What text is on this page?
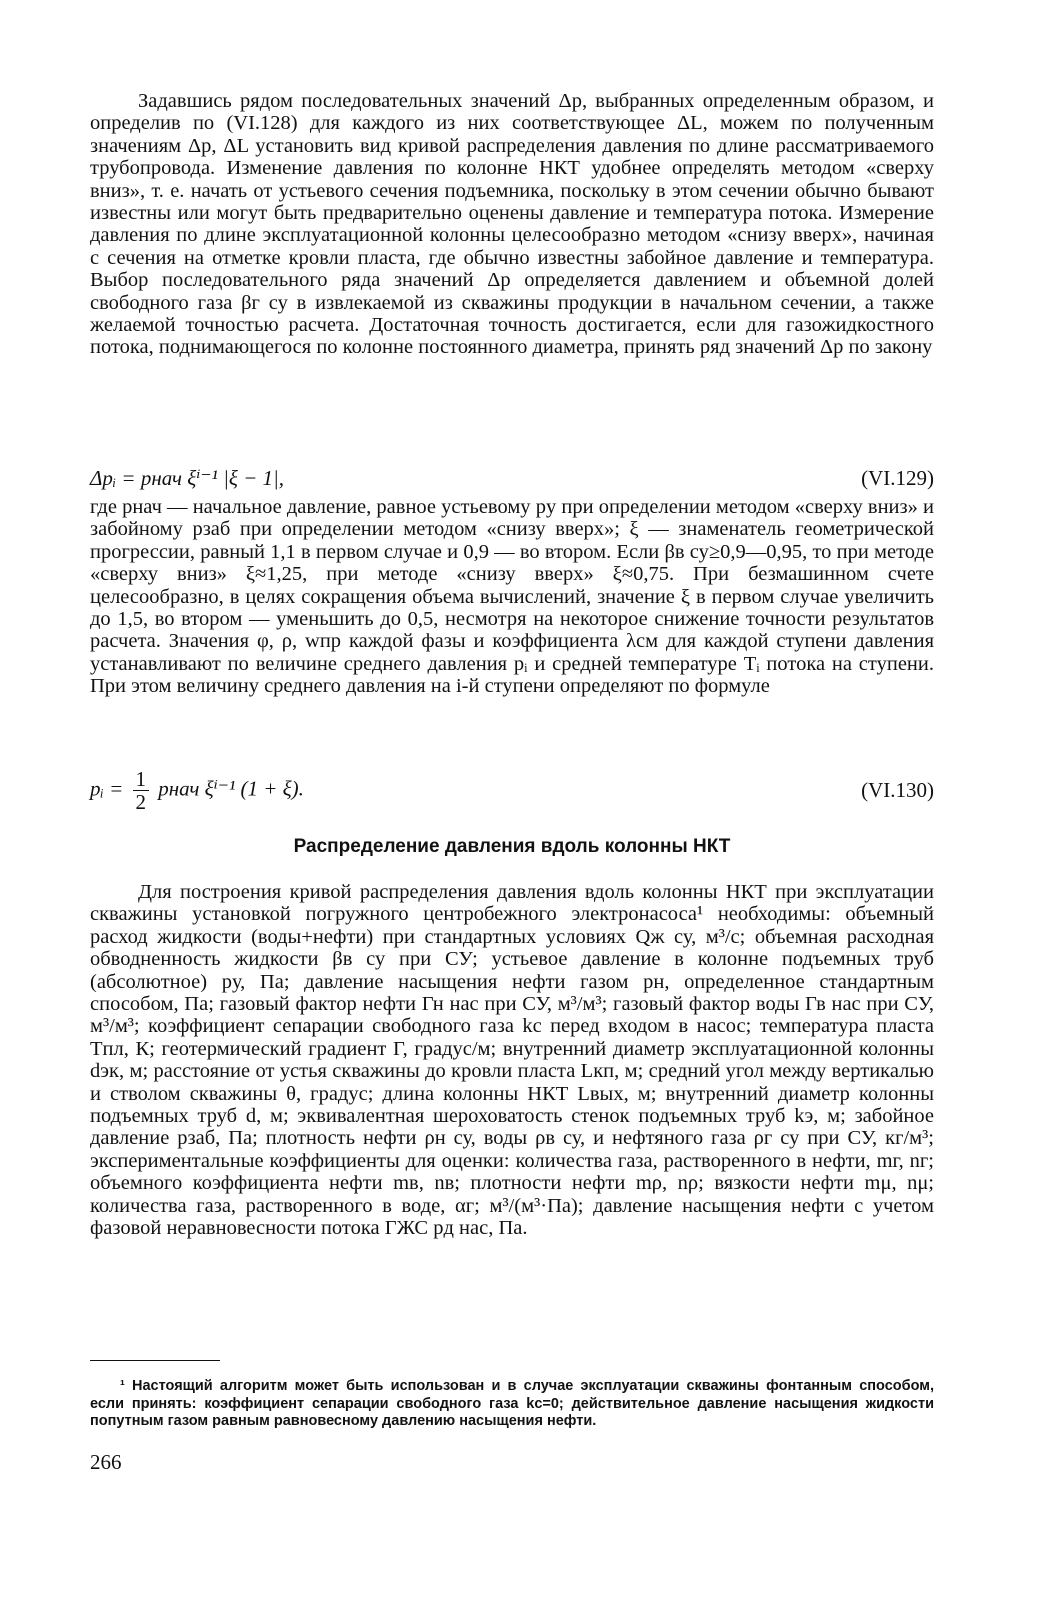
Задавшись рядом последовательных значений Δp, выбранных определенным образом, и определив по (VI.128) для каждого из них соответствующее ΔL, можем по полученным значениям Δp, ΔL установить вид кривой распределения давления по длине рассматриваемого трубопровода. Изменение давления по колонне НКТ удобнее определять методом «сверху вниз», т. е. начать от устьевого сечения подъемника, поскольку в этом сечении обычно бывают известны или могут быть предварительно оценены давление и температура потока. Измерение давления по длине эксплуатационной колонны целесообразно методом «снизу вверх», начиная с сечения на отметке кровли пласта, где обычно известны забойное давление и температура. Выбор последовательного ряда значений Δp определяется давлением и объемной долей свободного газа βг су в извлекаемой из скважины продукции в начальном сечении, а также желаемой точностью расчета. Достаточная точность достигается, если для газожидкостного потока, поднимающегося по колонне постоянного диаметра, принять ряд значений Δp по закону

Δpᵢ = pнач ξⁱ⁻¹ |ξ − 1|,	(VI.129)

где pнач — начальное давление, равное устьевому pу при определении методом «сверху вниз» и забойному pзаб при определении методом «снизу вверх»; ξ — знаменатель геометрической прогрессии, равный 1,1 в первом случае и 0,9 — во втором. Если βв су≥0,9—0,95, то при методе «сверху вниз» ξ≈1,25, при методе «снизу вверх» ξ≈0,75. При безмашинном счете целесообразно, в целях сокращения объема вычислений, значение ξ в первом случае увеличить до 1,5, во втором — уменьшить до 0,5, несмотря на некоторое снижение точности результатов расчета. Значения φ, ρ, wпр каждой фазы и коэффициента λсм для каждой ступени давления устанавливают по величине среднего давления pᵢ и средней температуре Tᵢ потока на ступени. При этом величину среднего давления на i-й ступени определяют по формуле

pᵢ = $\frac{1}{2}$ pнач ξⁱ⁻¹ (1 + ξ).	(VI.130)
Распределение давления вдоль колонны НКТ

Для построения кривой распределения давления вдоль колонны НКТ при эксплуатации скважины установкой погружного центробежного электронасоса¹ необходимы: объемный расход жидкости (воды+нефти) при стандартных условиях Qж су, м³/с; объемная расходная обводненность жидкости βв су при СУ; устьевое давление в колонне подъемных труб (абсолютное) pу, Па; давление насыщения нефти газом pн, определенное стандартным способом, Па; газовый фактор нефти Гн нас при СУ, м³/м³; газовый фактор воды Гв нас при СУ, м³/м³; коэффициент сепарации свободного газа kс перед входом в насос; температура пласта Tпл, К; геотермический градиент Г, градус/м; внутренний диаметр эксплуатационной колонны dэк, м; расстояние от устья скважины до кровли пласта Lкп, м; средний угол между вертикалью и стволом скважины θ, градус; длина колонны НКТ Lвых, м; внутренний диаметр колонны подъемных труб d, м; эквивалентная шероховатость стенок подъемных труб kэ, м; забойное давление pзаб, Па; плотность нефти ρн су, воды ρв су, и нефтяного газа ρг су при СУ, кг/м³; экспериментальные коэффициенты для оценки: количества газа, растворенного в нефти, mг, nг; объемного коэффициента нефти mв, nв; плотности нефти mρ, nρ; вязкости нефти mμ, nμ; количества газа, растворенного в воде, αг; м³/(м³·Па); давление насыщения нефти с учетом фазовой неравновесности потока ГЖС pд нас, Па.

¹ Настоящий алгоритм может быть использован и в случае эксплуатации скважины фонтанным способом, если принять: коэффициент сепарации свободного газа kс=0; действительное давление насыщения жидкости попутным газом равным равновесному давлению насыщения нефти.

266
